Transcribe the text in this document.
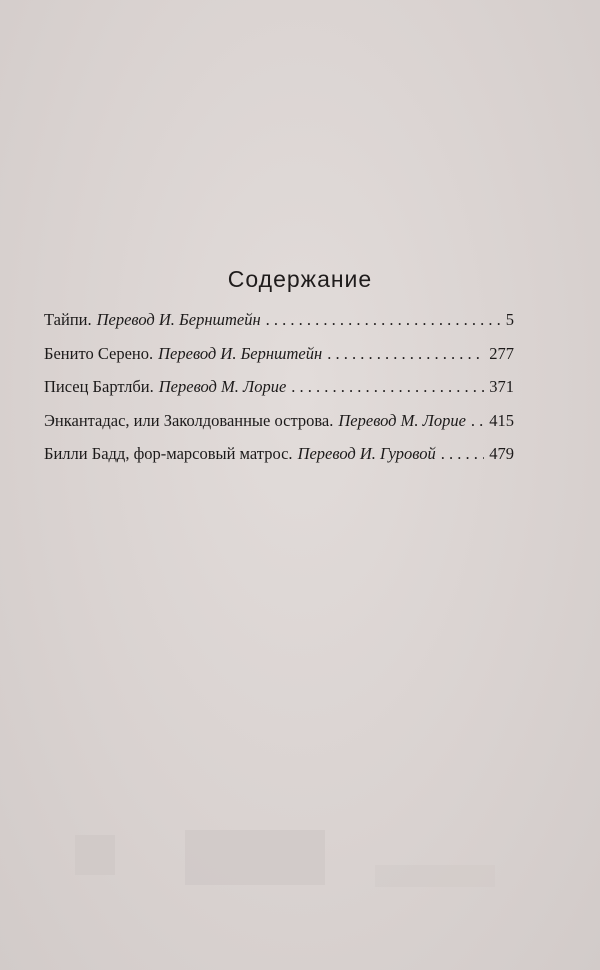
Содержание
Тайпи. Перевод И. Бернштейн . . .	5
Бенито Серено. Перевод И. Бернштейн . . .	277
Писец Бартлби. Перевод М. Лорие . . .	371
Энкантадас, или Заколдованные острова. Перевод М. Лорие . . . 415
Билли Бадд, фор-марсовый матрос. Перевод И. Гуровой . . .	479
